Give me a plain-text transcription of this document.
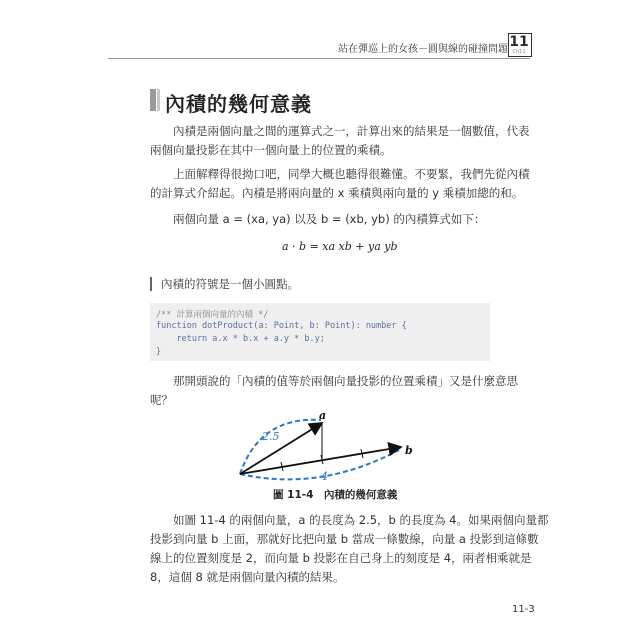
站在彈巡上的女孩－圓與線的碰撞問題 11
Ch11
內積的幾何意義
內積是兩個向量之間的運算式之一，計算出來的結果是一個數值，代表
兩個向量投影在其中一個向量上的位置的乘積。
上面解釋得很拗口吧，同學大概也聽得很難懂。不要緊，我們先從內積
的計算式介紹起。內積是將兩向量的 x 乘積與兩向量的 y 乘積加總的和。
兩個向量 a = (xa, ya) 以及 b = (xb, yb) 的內積算式如下：
a · b = xa xb + ya yb
內積的符號是一個小圓點。
/** 計算兩個向量的內積 */
function dotProduct(a: Point, b: Point): number {
return a.x * b.x + a.y * b.y;
}
那開頭說的「內積的值等於兩個向量投影的位置乘積」又是什麼意思
呢？
a
b
2.5
4
圖 11-4　內積的幾何意義
如圖 11-4 的兩個向量，a 的長度為 2.5，b 的長度為 4。如果兩個向量都
投影到向量 b 上面，那就好比把向量 b 當成一條數線，向量 a 投影到這條數
線上的位置刻度是 2，而向量 b 投影在自己身上的刻度是 4，兩者相乘就是
8，這個 8 就是兩個向量內積的結果。
11-3
